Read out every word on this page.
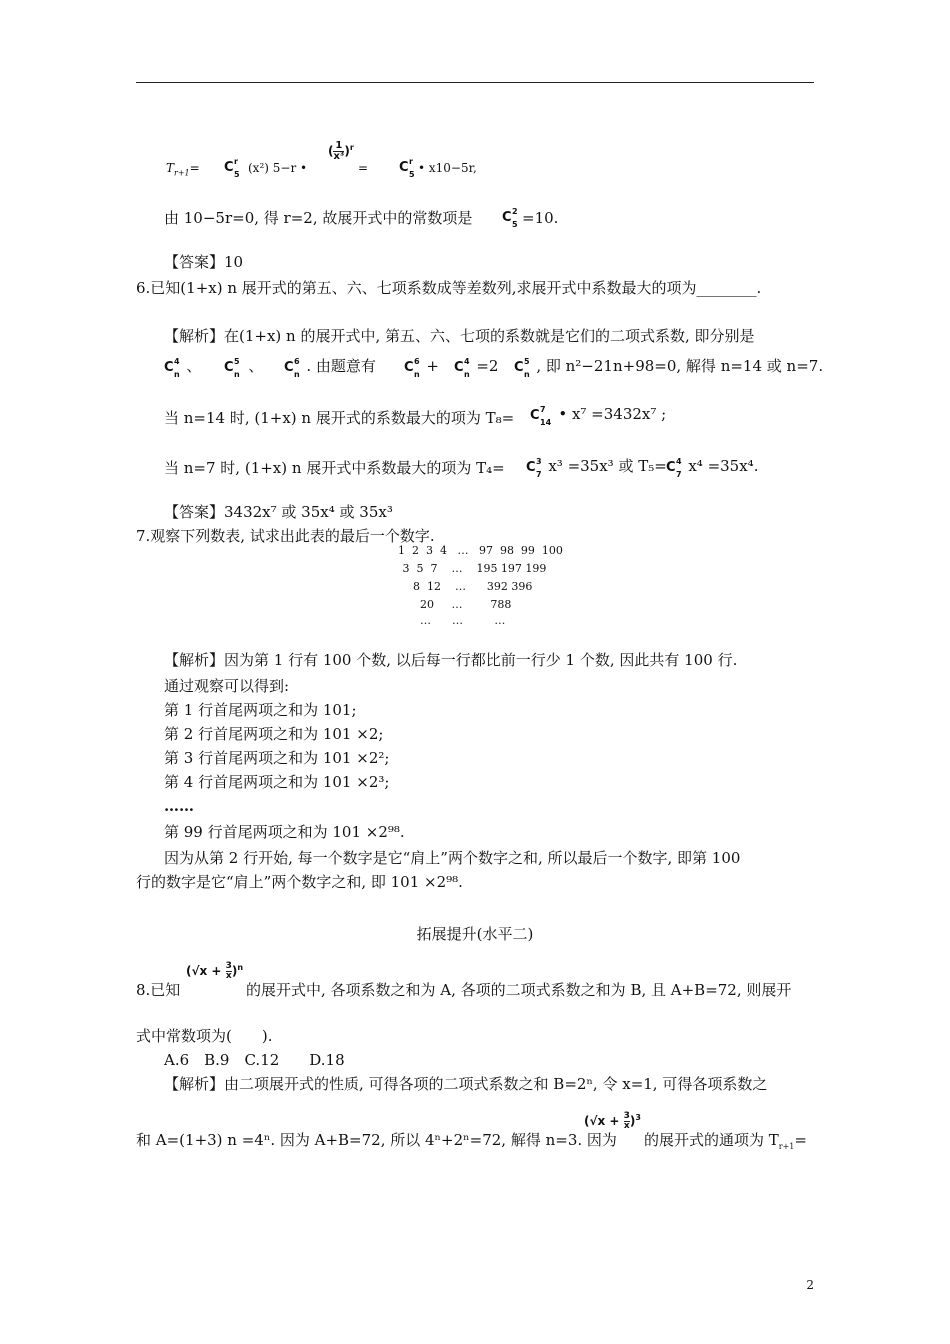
$T_{r+1}= C$ r
5 (x²) 5−r •
( $\frac{1}{\text{x³}} )^r$
= C r
5 • x10−5r,
由 10−5r=0, 得 r=2, 故展开式中的常数项是 C 2
5 =10.
【答案】10
6.已知(1+x) n 展开式的第五、六、七项系数成等差数列,求展开式中系数最大的项为________.
【解析】在(1+x) n 的展开式中, 第五、六、七项的系数就是它们的二项式系数, 即分别是
C 4
n 、 C 5
n 、 C 6
n . 由题意有 C 6
n + C 4
n =2 C 5
n , 即 n²−21n+98=0, 解得 n=14 或 n=7.
当 n=14 时, (1+x) n 展开式的系数最大的项为 T₈= C 7
14 • x⁷ =3432x⁷ ;
当 n=7 时, (1+x) n 展开式中系数最大的项为 T₄= C 3
7 x³ =35x³ 或 T₅= C 4
7 x⁴ =35x⁴.
【答案】3432x⁷ 或 35x⁴ 或 35x³
7.观察下列数表, 试求出此表的最后一个数字.
1  2  3  4   …   97  98  99  100
3  5  7    …    195 197 199
8  12    …      392 396
20     …        788
…      …         …
【解析】因为第 1 行有 100 个数, 以后每一行都比前一行少 1 个数, 因此共有 100 行.
通过观察可以得到:
第 1 行首尾两项之和为 101;
第 2 行首尾两项之和为 101 ×2;
第 3 行首尾两项之和为 101 ×2²;
第 4 行首尾两项之和为 101 ×2³;
……
第 99 行首尾两项之和为 101 ×2⁹⁸.
因为从第 2 行开始, 每一个数字是它“肩上”两个数字之和, 所以最后一个数字, 即第 100
行的数字是它“肩上”两个数字之和, 即 101 ×2⁹⁸.
拓展提升(水平二)
8.已知
$(√x + \frac{3}{x} )^n$
的展开式中, 各项系数之和为 A, 各项的二项式系数之和为 B, 且 A+B=72, 则展开
式中常数项为(　　).
A.6　B.9　C.12　　D.18
【解析】由二项展开式的性质, 可得各项的二项式系数之和 B=2ⁿ, 令 x=1, 可得各项系数之
和 A=(1+3) n =4ⁿ. 因为 A+B=72, 所以 4ⁿ+2ⁿ=72, 解得 n=3. 因为
$(√x + \frac{3}{x} )^3$
的展开式的通项为 $T_{r+1}=$
2
